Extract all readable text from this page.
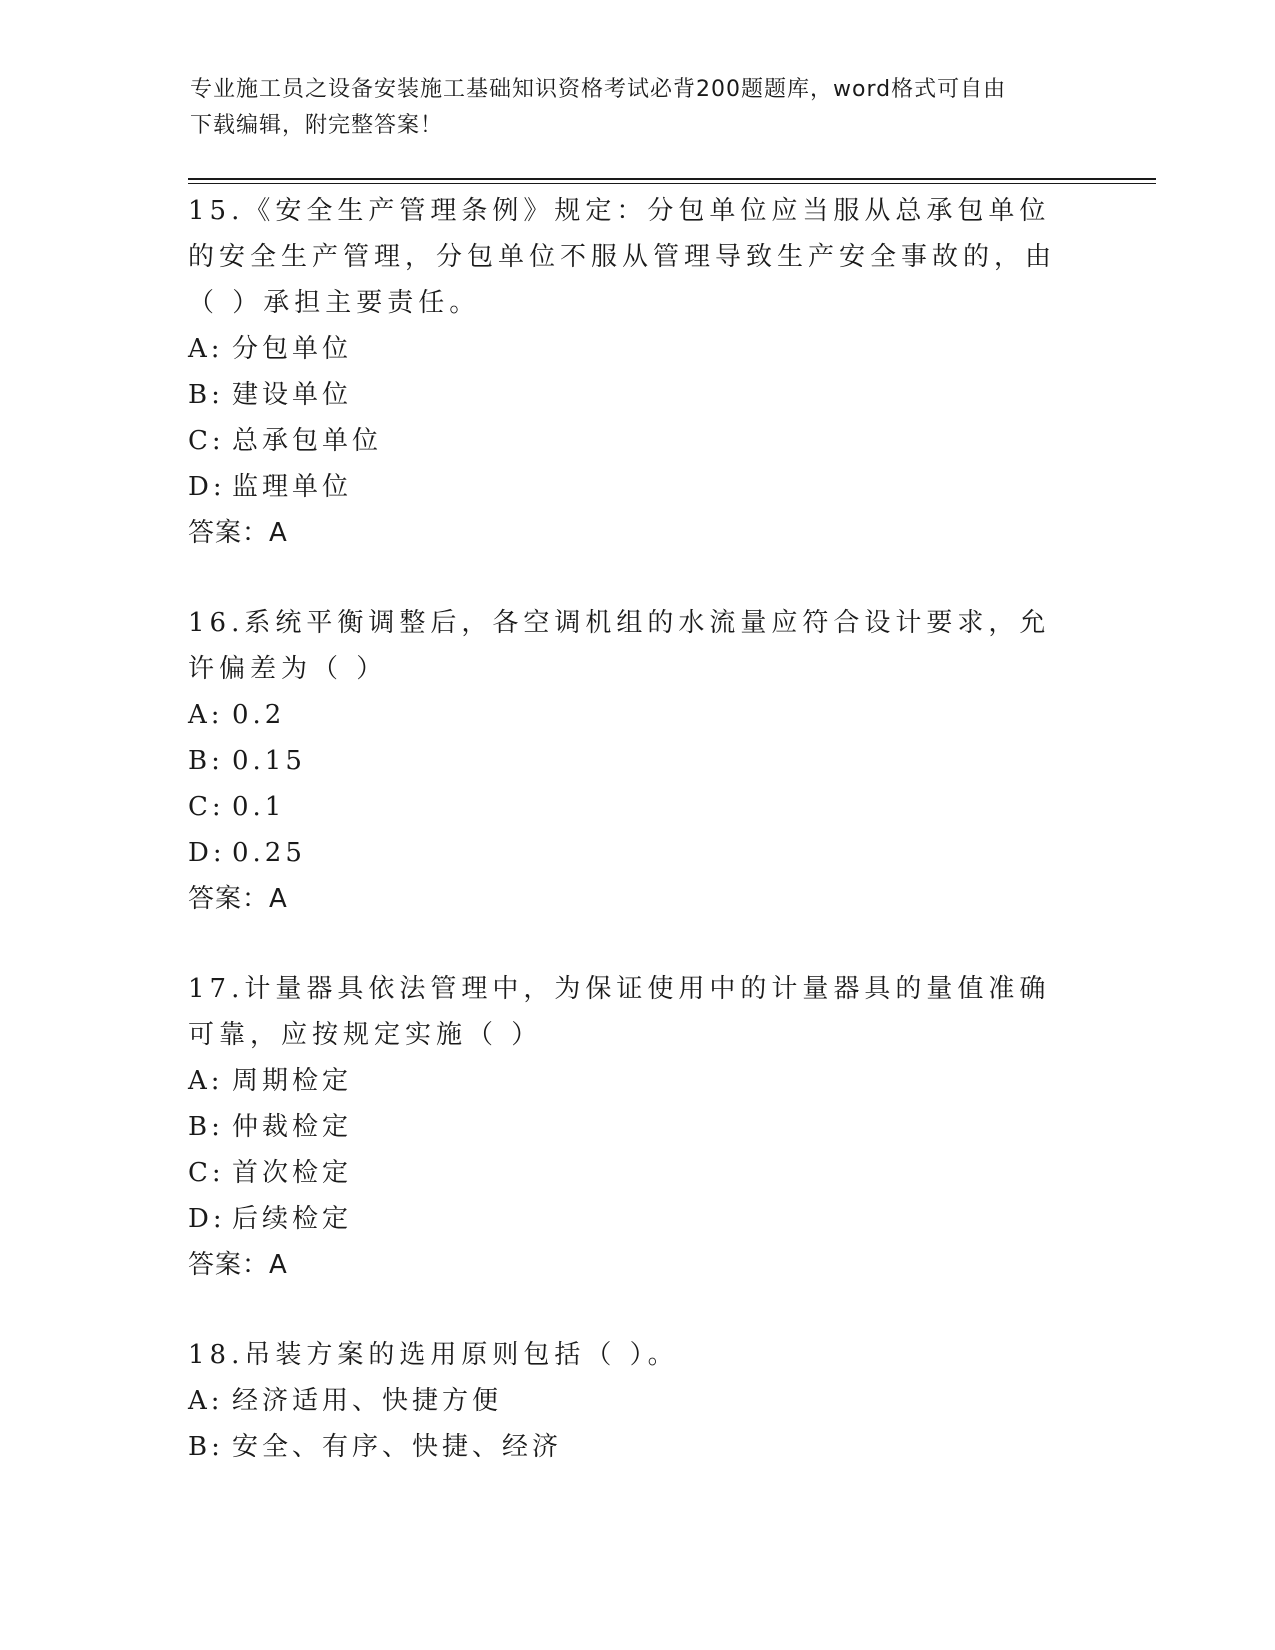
专业施工员之设备安装施工基础知识资格考试必背200题题库，word格式可自由
下载编辑，附完整答案！

15.《安全生产管理条例》规定：分包单位应当服从总承包单位的安全生产管理，分包单位不服从管理导致生产安全事故的，由（ ）承担主要责任。

A: 分包单位
B: 建设单位
C: 总承包单位
D: 监理单位
答案：A

16.系统平衡调整后，各空调机组的水流量应符合设计要求，允许偏差为（ ）

A: 0.2
B: 0.15
C: 0.1
D: 0.25
答案：A

17.计量器具依法管理中，为保证使用中的计量器具的量值准确可靠，应按规定实施（ ）

A: 周期检定
B: 仲裁检定
C: 首次检定
D: 后续检定
答案：A

18.吊装方案的选用原则包括（ ）。

A: 经济适用、快捷方便
B: 安全、有序、快捷、经济
